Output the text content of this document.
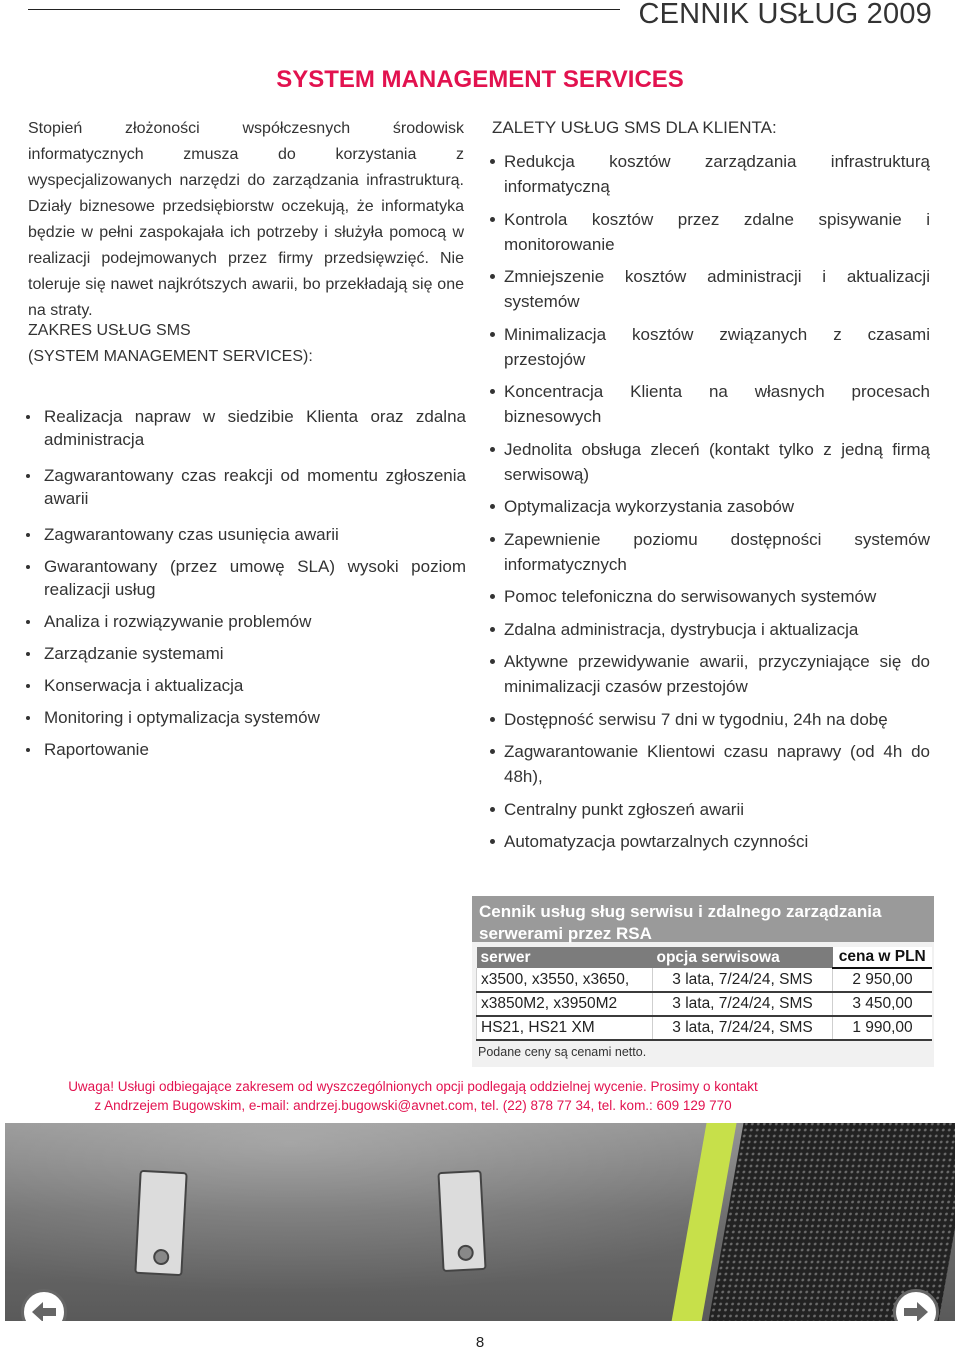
CENNIK USŁUG 2009
SYSTEM MANAGEMENT SERVICES
Stopień złożoności współczesnych środowisk informatycznych zmusza do korzystania z wyspecjalizowanych narzędzi do zarządzania infrastrukturą. Działy biznesowe przedsiębiorstw oczekują, że informatyka będzie w pełni zaspokajała ich potrzeby i służyła pomocą w realizacji podejmowanych przez firmy przedsięwzięć. Nie toleruje się nawet najkrótszych awarii, bo przekładają się one na straty.
ZAKRES USŁUG SMS
(SYSTEM MANAGEMENT SERVICES):
Realizacja napraw w siedzibie Klienta oraz zdalna administracja
Zagwarantowany czas reakcji od momentu zgłoszenia awarii
Zagwarantowany czas usunięcia awarii
Gwarantowany (przez umowę SLA) wysoki poziom realizacji usług
Analiza i rozwiązywanie problemów
Zarządzanie systemami
Konserwacja i aktualizacja
Monitoring i optymalizacja systemów
Raportowanie
ZALETY USŁUG SMS DLA KLIENTA:
Redukcja kosztów zarządzania infrastrukturą informatyczną
Kontrola kosztów przez zdalne spisywanie i monitorowanie
Zmniejszenie kosztów administracji i aktualizacji systemów
Minimalizacja kosztów związanych z czasami przestojów
Koncentracja Klienta na własnych procesach biznesowych
Jednolita obsługa zleceń (kontakt tylko z jedną firmą serwisową)
Optymalizacja wykorzystania zasobów
Zapewnienie poziomu dostępności systemów informatycznych
Pomoc telefoniczna do serwisowanych systemów
Zdalna administracja, dystrybucja i aktualizacja
Aktywne przewidywanie awarii, przyczyniające się do minimalizacji czasów przestojów
Dostępność serwisu 7 dni w tygodniu, 24h na dobę
Zagwarantowanie Klientowi czasu naprawy (od 4h do 48h),
Centralny punkt zgłoszeń awarii
Automatyzacja powtarzalnych czynności
Cennik usług sług serwisu i zdalnego zarządzania serwerami przez RSA
serwer	opcja serwisowa	cena w PLN
x3500, x3550, x3650,	3 lata, 7/24/24, SMS	2 950,00
x3850M2, x3950M2	3 lata, 7/24/24, SMS	3 450,00
HS21, HS21 XM	3 lata, 7/24/24, SMS	1 990,00
Podane ceny są cenami netto.
Uwaga! Usługi odbiegające zakresem od wyszczególnionych opcji podlegają oddzielnej wycenie. Prosimy o kontakt
z Andrzejem Bugowskim, e-mail: andrzej.bugowski@avnet.com, tel. (22) 878 77 34, tel. kom.: 609 129 770
8
